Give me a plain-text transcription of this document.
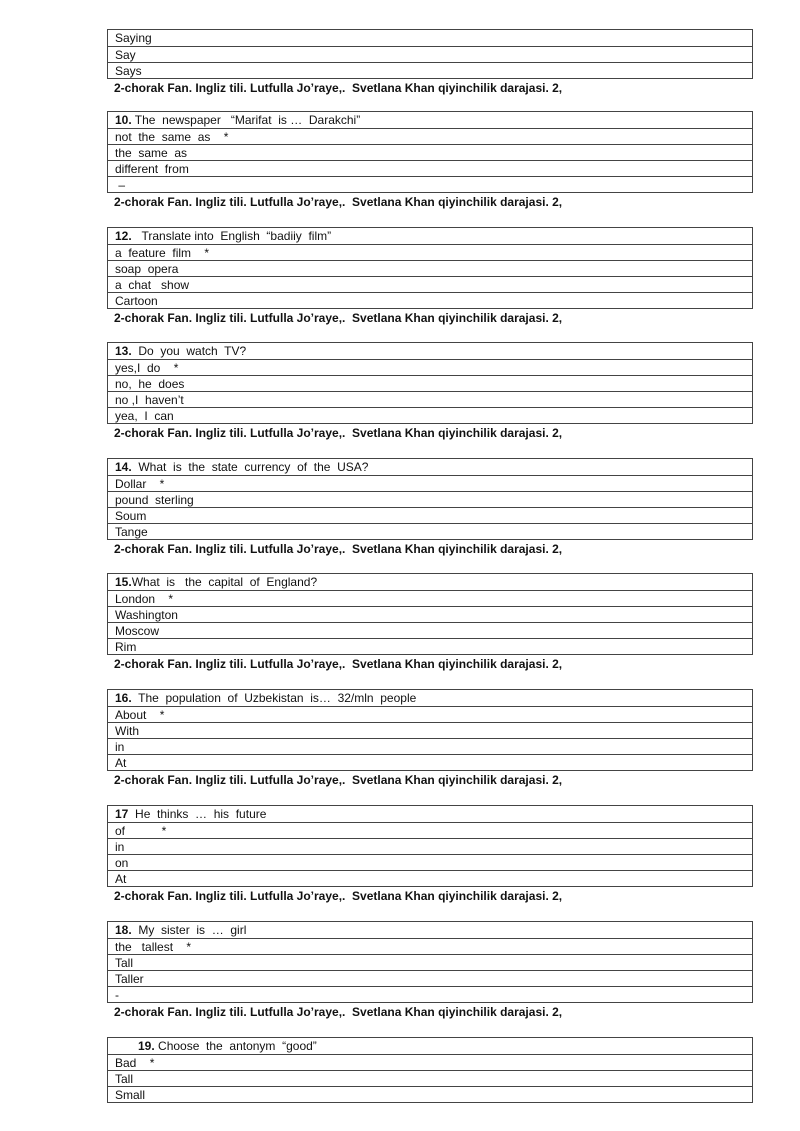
Saying
Say
Says
2-chorak Fan. Ingliz tili. Lutfulla Jo’raye,.  Svetlana Khan qiyinchilik darajasi. 2,
10. The  newspaper   “Marifat  is …  Darakchi”
not  the  same  as    *
the  same  as
different  from
–
2-chorak Fan. Ingliz tili. Lutfulla Jo’raye,.  Svetlana Khan qiyinchilik darajasi. 2,
12.   Translate into  English  “badiiy  film”
a  feature  film    *
soap  opera
a  chat   show
Cartoon
2-chorak Fan. Ingliz tili. Lutfulla Jo’raye,.  Svetlana Khan qiyinchilik darajasi. 2,
13.  Do  you  watch  TV?
yes,I  do    *
no,  he  does
no ,I  haven’t
yea,  I  can
2-chorak Fan. Ingliz tili. Lutfulla Jo’raye,.  Svetlana Khan qiyinchilik darajasi. 2,
14.  What  is  the  state  currency  of  the  USA?
Dollar    *
pound  sterling
Soum
Tange
2-chorak Fan. Ingliz tili. Lutfulla Jo’raye,.  Svetlana Khan qiyinchilik darajasi. 2,
15.What  is   the  capital  of  England?
London    *
Washington
Moscow
Rim
2-chorak Fan. Ingliz tili. Lutfulla Jo’raye,.  Svetlana Khan qiyinchilik darajasi. 2,
16.  The  population  of  Uzbekistan  is…  32/mln  people
About    *
With
in
At
2-chorak Fan. Ingliz tili. Lutfulla Jo’raye,.  Svetlana Khan qiyinchilik darajasi. 2,
17  He  thinks  …  his  future
of           *
in
on
At
2-chorak Fan. Ingliz tili. Lutfulla Jo’raye,.  Svetlana Khan qiyinchilik darajasi. 2,
18.  My  sister  is  …  girl
the   tallest    *
Tall
Taller
-
2-chorak Fan. Ingliz tili. Lutfulla Jo’raye,.  Svetlana Khan qiyinchilik darajasi. 2,
19. Choose  the  antonym  “good”
Bad    *
Tall
Small
